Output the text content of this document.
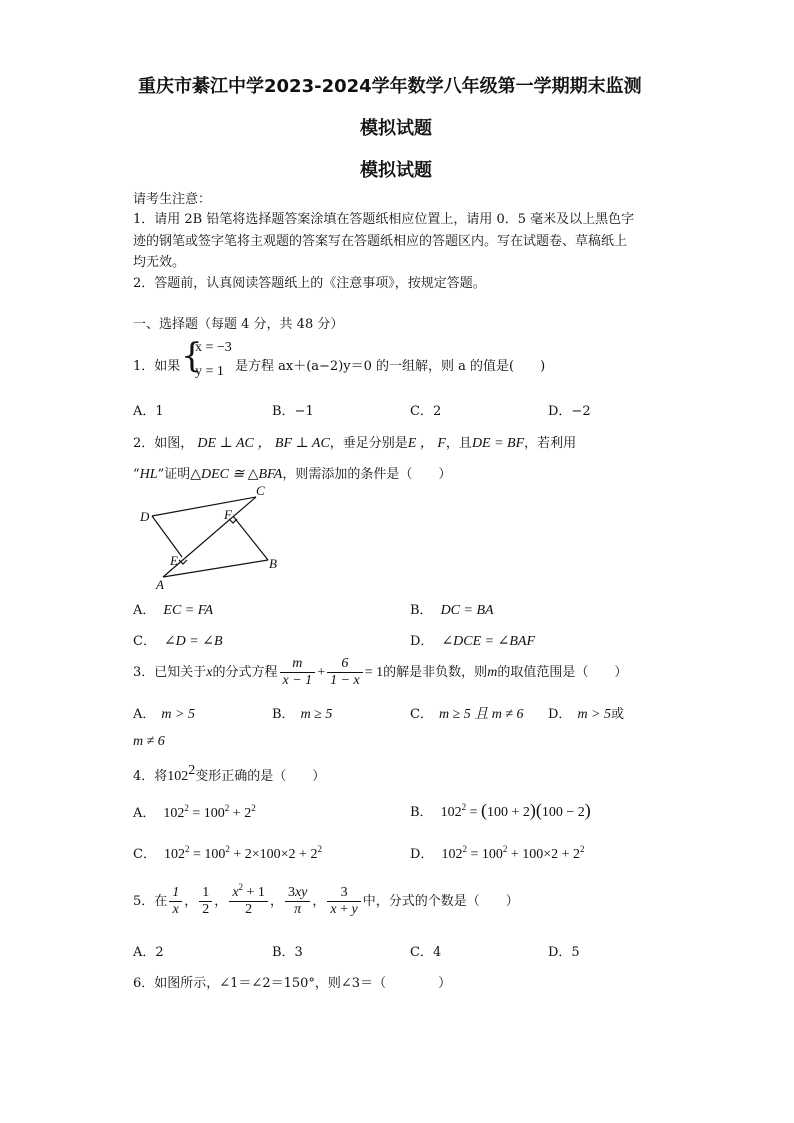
重庆市綦江中学2023-2024学年数学八年级第一学期期末监测
模拟试题
模拟试题
请考生注意：
1．请用 2B 铅笔将选择题答案涂填在答题纸相应位置上，请用 0．5 毫米及以上黑色字
迹的钢笔或签字笔将主观题的答案写在答题纸相应的答题区内。写在试题卷、草稿纸上
均无效。
2．答题前，认真阅读答题纸上的《注意事项》，按规定答题。
一、选择题（每题 4 分，共 48 分）
1．如果 {
x = −3
y = 1 是方程 ax＋(a−2)y＝0 的一组解，则 a 的值是(　　)
A．1	B．−1	C．2	D．−2
2．如图， DE ⊥ AC ， BF ⊥ AC，垂足分别是E ， F，且DE = BF，若利用
“HL”证明△DEC ≅ △BFA，则需添加的条件是（　　）
C
D	F
E	B
A
A． EC = FA	B． DC = BA
C． ∠D = ∠B	D． ∠DCE = ∠BAF
3．已知关于x的分式方程 $\frac{m}{x - 1} + \frac{6}{1 - x} = 1$的解是非负数，则m的取值范围是（　　）
A． m > 5	B． m ≥ 5	C． m ≥ 5 且 m ≠ 6 D． m > 5或
m ≠ 6
4．将$102^2$变形正确的是（　　）
A． $102^2 = 100^2 + 2^2$	B． $102^2 = (100 + 2)(100 - 2)$
C． $102^2 = 100^2 + 2\times 100\times 2 + 2^2$	D． $102^2 = 100^2 + 100\times 2 + 2^2$
5．在 $\frac{1}{x}$ ， $\frac{1}{2}$ ， $\frac{x^2 + 1}{2}$ ， $\frac{3xy}{\pi}$ ， $\frac{3}{x + y}$ 中，分式的个数是（　　）
A．2	B．3	C．4	D．5
6．如图所示，∠1＝∠2＝150°，则∠3＝（　　　　）
